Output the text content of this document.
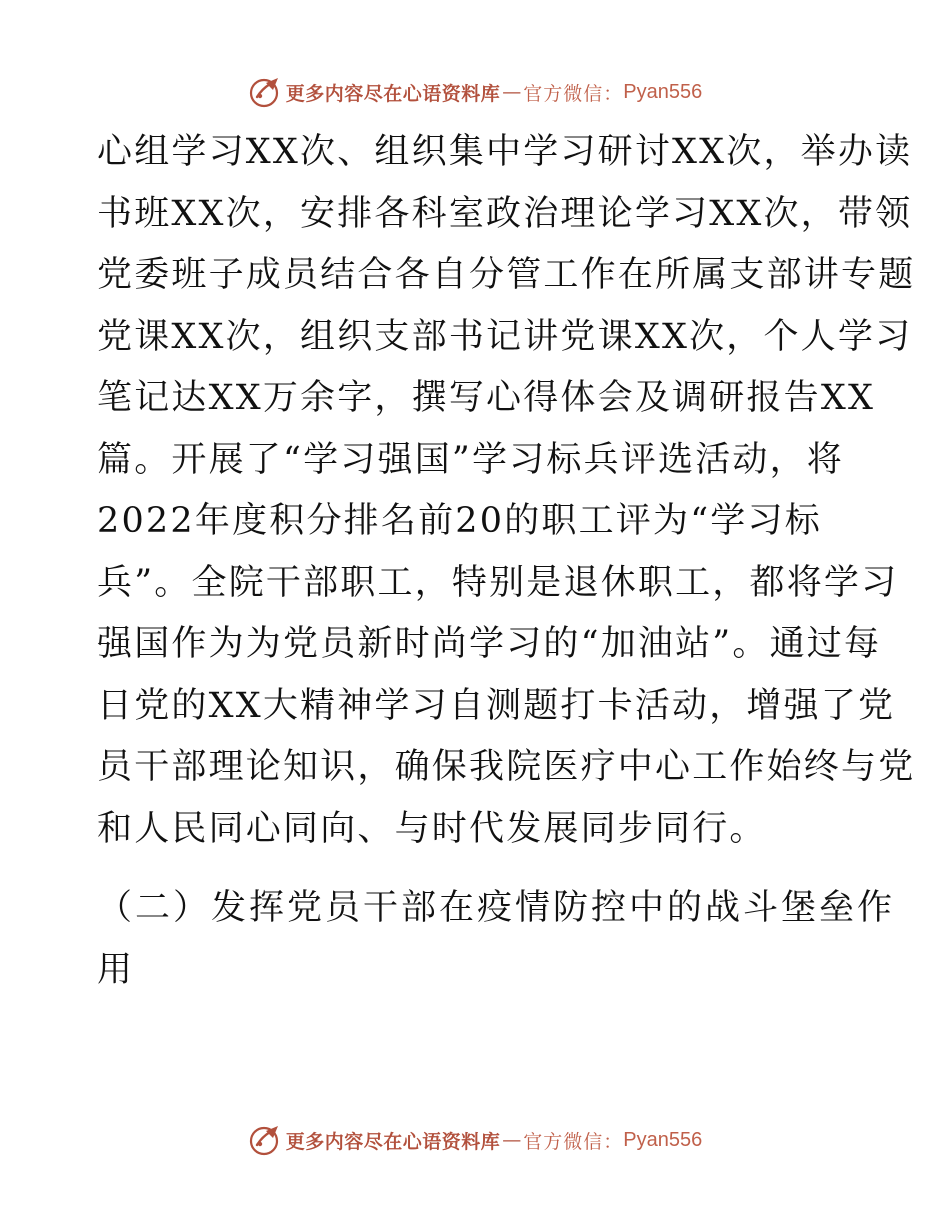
更多内容尽在心语资料库 — 官方微信： Pyan556
心组学习XX次、组织集中学习研讨XX次，举办读
书班XX次，安排各科室政治理论学习XX次，带领
党委班子成员结合各自分管工作在所属支部讲专题
党课XX次，组织支部书记讲党课XX次，个人学习
笔记达XX万余字，撰写心得体会及调研报告XX
篇。开展了“学习强国”学习标兵评选活动，将
2022年度积分排名前20的职工评为“学习标
兵”。全院干部职工，特别是退休职工，都将学习
强国作为为党员新时尚学习的“加油站”。通过每
日党的XX大精神学习自测题打卡活动，增强了党
员干部理论知识，确保我院医疗中心工作始终与党
和人民同心同向、与时代发展同步同行。
（二）发挥党员干部在疫情防控中的战斗堡垒作
用
更多内容尽在心语资料库 — 官方微信： Pyan556
